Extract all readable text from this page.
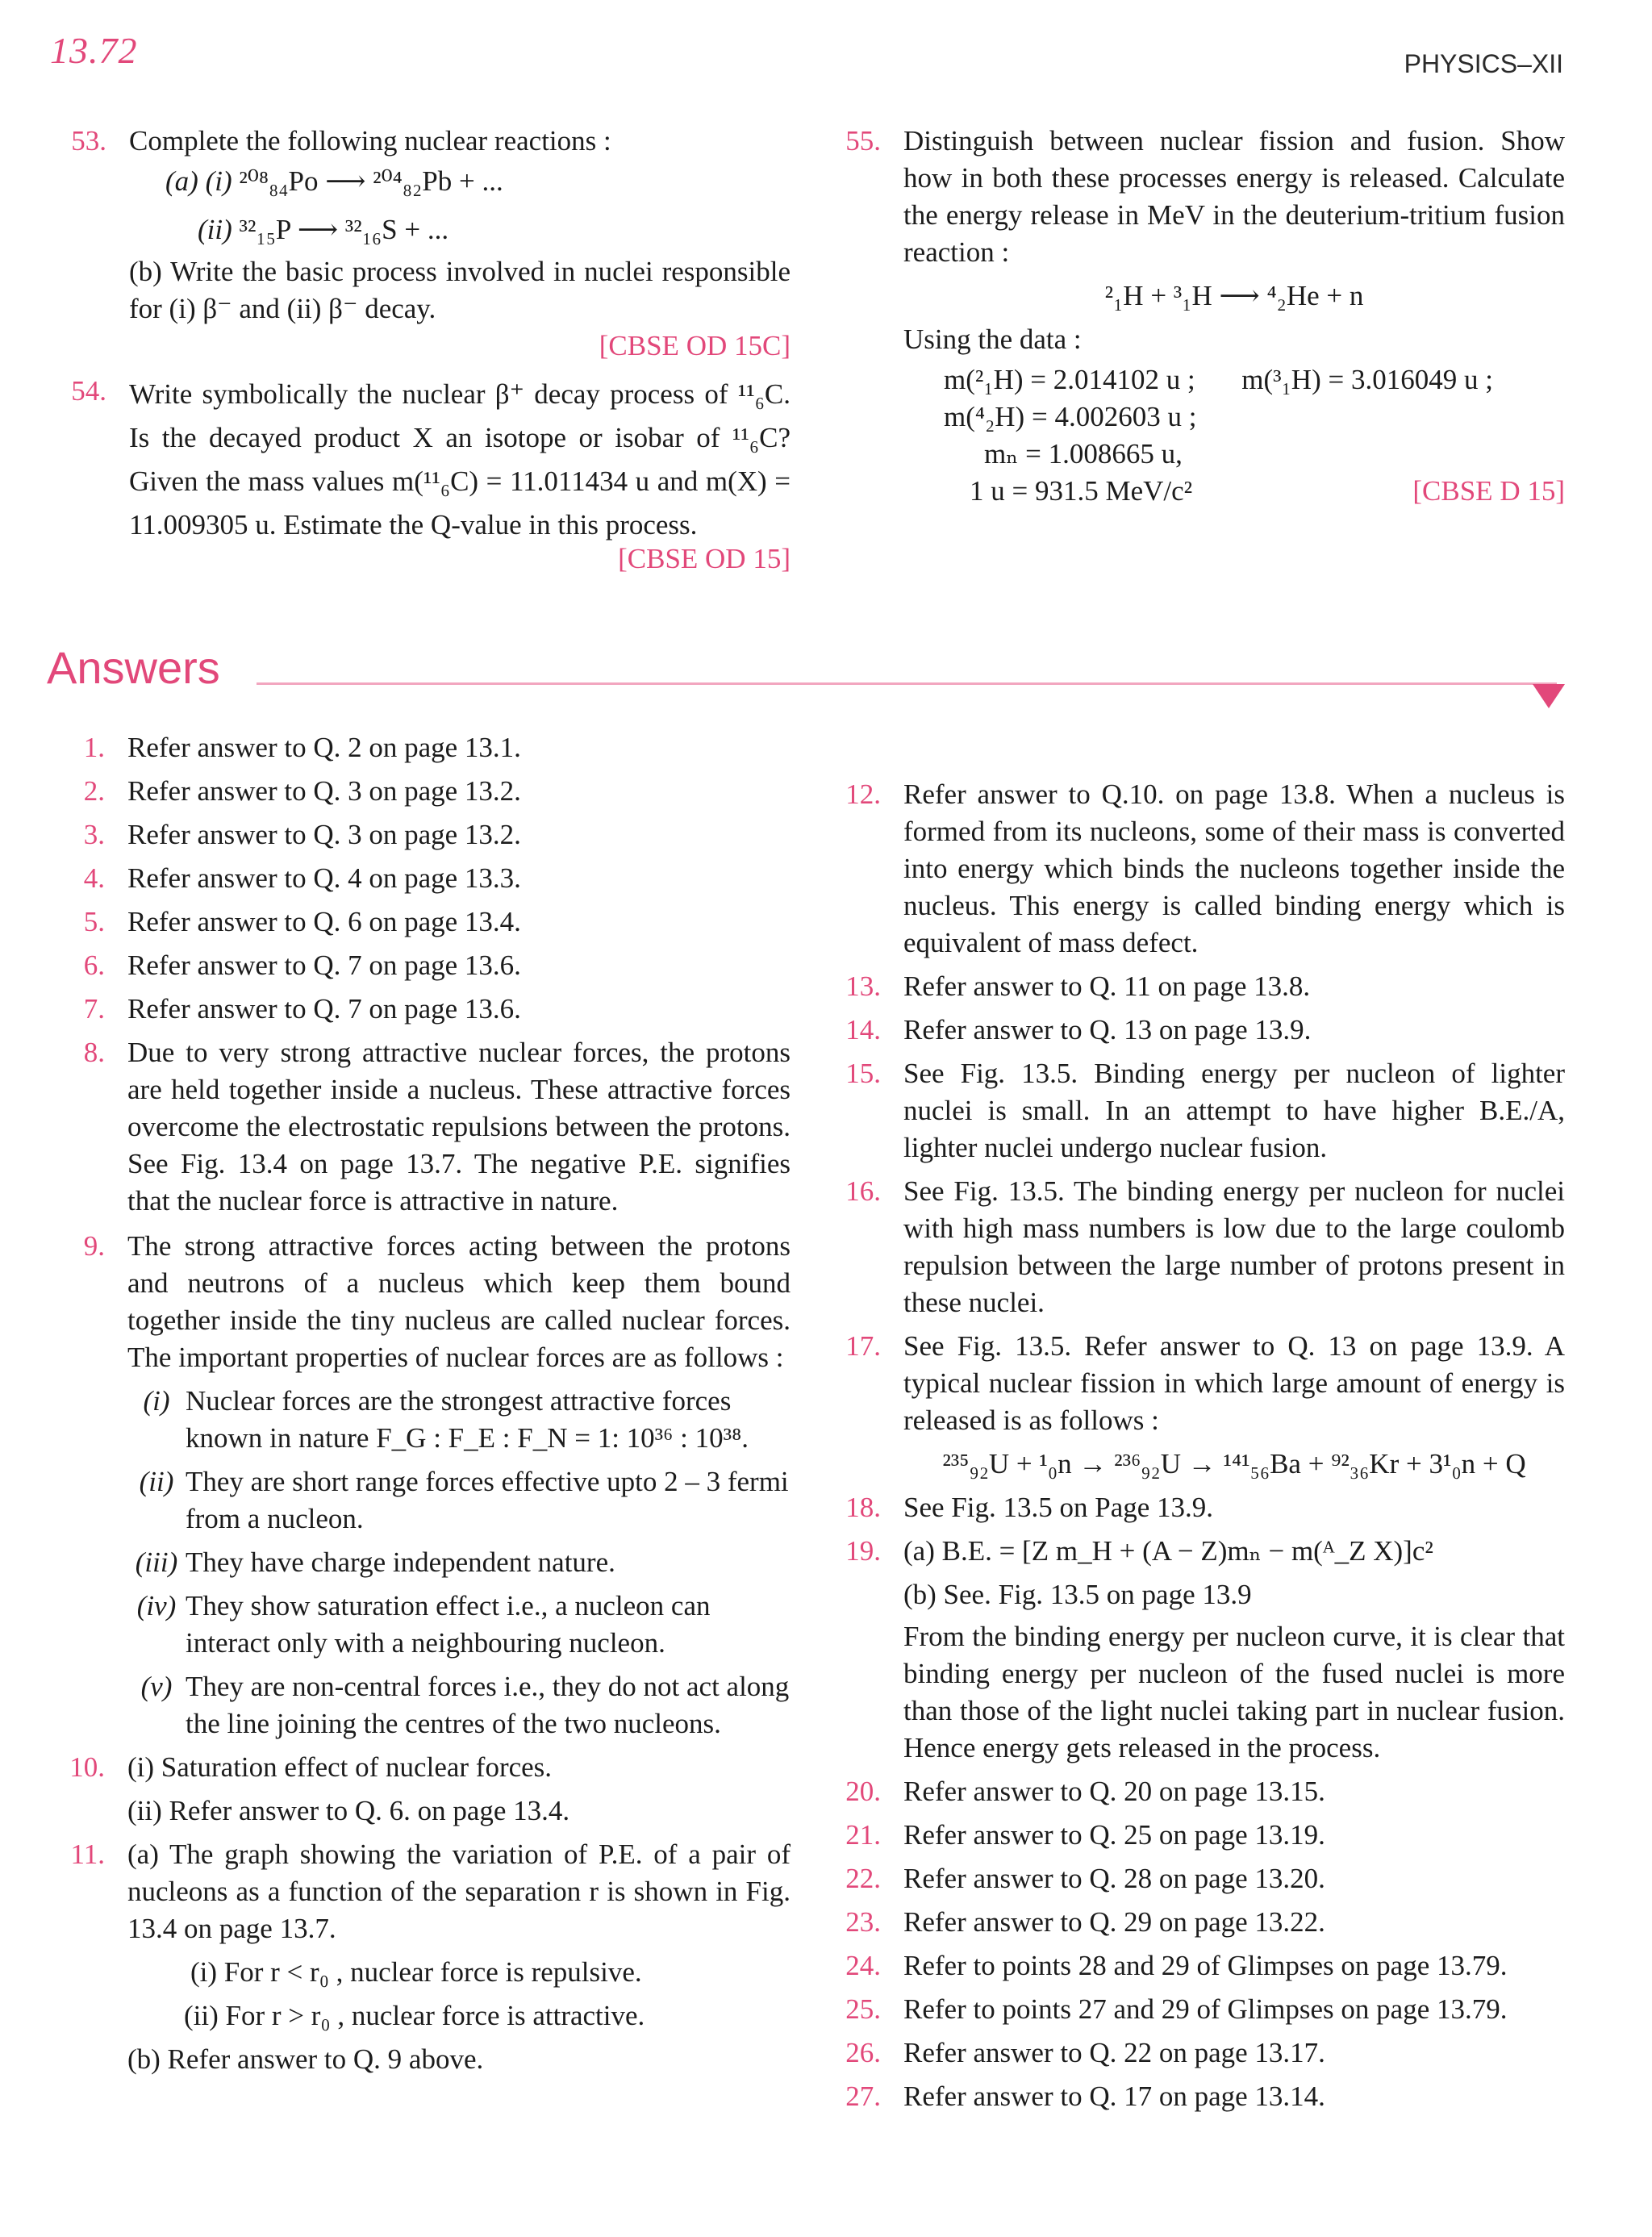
13.72	PHYSICS–XII
53. Complete the following nuclear reactions :
(a) (i) ²⁰⁸₈₄Po ⟶ ²⁰⁴₈₂Pb + ...
(ii) ³²₁₅P ⟶ ³²₁₆S + ...
(b) Write the basic process involved in nuclei responsible for (i) β⁻ and (ii) β⁻ decay.
[CBSE OD 15C]
54. Write symbolically the nuclear β⁺ decay process of ¹¹₆C. Is the decayed product X an isotope or isobar of ¹¹₆C? Given the mass values m(¹¹₆C) = 11.011434 u and m(X) = 11.009305 u. Estimate the Q-value in this process.
[CBSE OD 15]
55. Distinguish between nuclear fission and fusion. Show how in both these processes energy is released. Calculate the energy release in MeV in the deuterium-tritium fusion reaction :
²₁H + ³₁H ⟶ ⁴₂He + n
Using the data :
m(²₁H) = 2.014102 u ; m(³₁H) = 3.016049 u ;
m(⁴₂H) = 4.002603 u ;
mₙ = 1.008665 u,
1 u = 931.5 MeV/c²	[CBSE D 15]
Answers
1. Refer answer to Q. 2 on page 13.1.
2. Refer answer to Q. 3 on page 13.2.
3. Refer answer to Q. 3 on page 13.2.
4. Refer answer to Q. 4 on page 13.3.
5. Refer answer to Q. 6 on page 13.4.
6. Refer answer to Q. 7 on page 13.6.
7. Refer answer to Q. 7 on page 13.6.
8. Due to very strong attractive nuclear forces, the protons are held together inside a nucleus. These attractive forces overcome the electrostatic repulsions between the protons. See Fig. 13.4 on page 13.7. The negative P.E. signifies that the nuclear force is attractive in nature.
9. The strong attractive forces acting between the protons and neutrons of a nucleus which keep them bound together inside the tiny nucleus are called nuclear forces. The important properties of nuclear forces are as follows :
(i) Nuclear forces are the strongest attractive forces known in nature F_G : F_E : F_N = 1: 10³⁶ : 10³⁸.
(ii) They are short range forces effective upto 2 – 3 fermi from a nucleon.
(iii) They have charge independent nature.
(iv) They show saturation effect i.e., a nucleon can interact only with a neighbouring nucleon.
(v) They are non-central forces i.e., they do not act along the line joining the centres of the two nucleons.
10. (i) Saturation effect of nuclear forces.
(ii) Refer answer to Q. 6. on page 13.4.
11. (a) The graph showing the variation of P.E. of a pair of nucleons as a function of the separation r is shown in Fig. 13.4 on page 13.7.
(i) For r < r₀ , nuclear force is repulsive.
(ii) For r > r₀ , nuclear force is attractive.
(b) Refer answer to Q. 9 above.
12. Refer answer to Q.10. on page 13.8. When a nucleus is formed from its nucleons, some of their mass is converted into energy which binds the nucleons together inside the nucleus. This energy is called binding energy which is equivalent of mass defect.
13. Refer answer to Q. 11 on page 13.8.
14. Refer answer to Q. 13 on page 13.9.
15. See Fig. 13.5. Binding energy per nucleon of lighter nuclei is small. In an attempt to have higher B.E./A, lighter nuclei undergo nuclear fusion.
16. See Fig. 13.5. The binding energy per nucleon for nuclei with high mass numbers is low due to the large coulomb repulsion between the large number of protons present in these nuclei.
17. See Fig. 13.5. Refer answer to Q. 13 on page 13.9. A typical nuclear fission in which large amount of energy is released is as follows :
²³⁵₉₂U + ¹₀n → ²³⁶₉₂U → ¹⁴¹₅₆Ba + ⁹²₃₆Kr + 3¹₀n + Q
18. See Fig. 13.5 on Page 13.9.
19. (a) B.E. = [Z m_H + (A − Z)mₙ − m(ᴬ_Z X)]c²
(b) See. Fig. 13.5 on page 13.9
From the binding energy per nucleon curve, it is clear that binding energy per nucleon of the fused nuclei is more than those of the light nuclei taking part in nuclear fusion. Hence energy gets released in the process.
20. Refer answer to Q. 20 on page 13.15.
21. Refer answer to Q. 25 on page 13.19.
22. Refer answer to Q. 28 on page 13.20.
23. Refer answer to Q. 29 on page 13.22.
24. Refer to points 28 and 29 of Glimpses on page 13.79.
25. Refer to points 27 and 29 of Glimpses on page 13.79.
26. Refer answer to Q. 22 on page 13.17.
27. Refer answer to Q. 17 on page 13.14.
